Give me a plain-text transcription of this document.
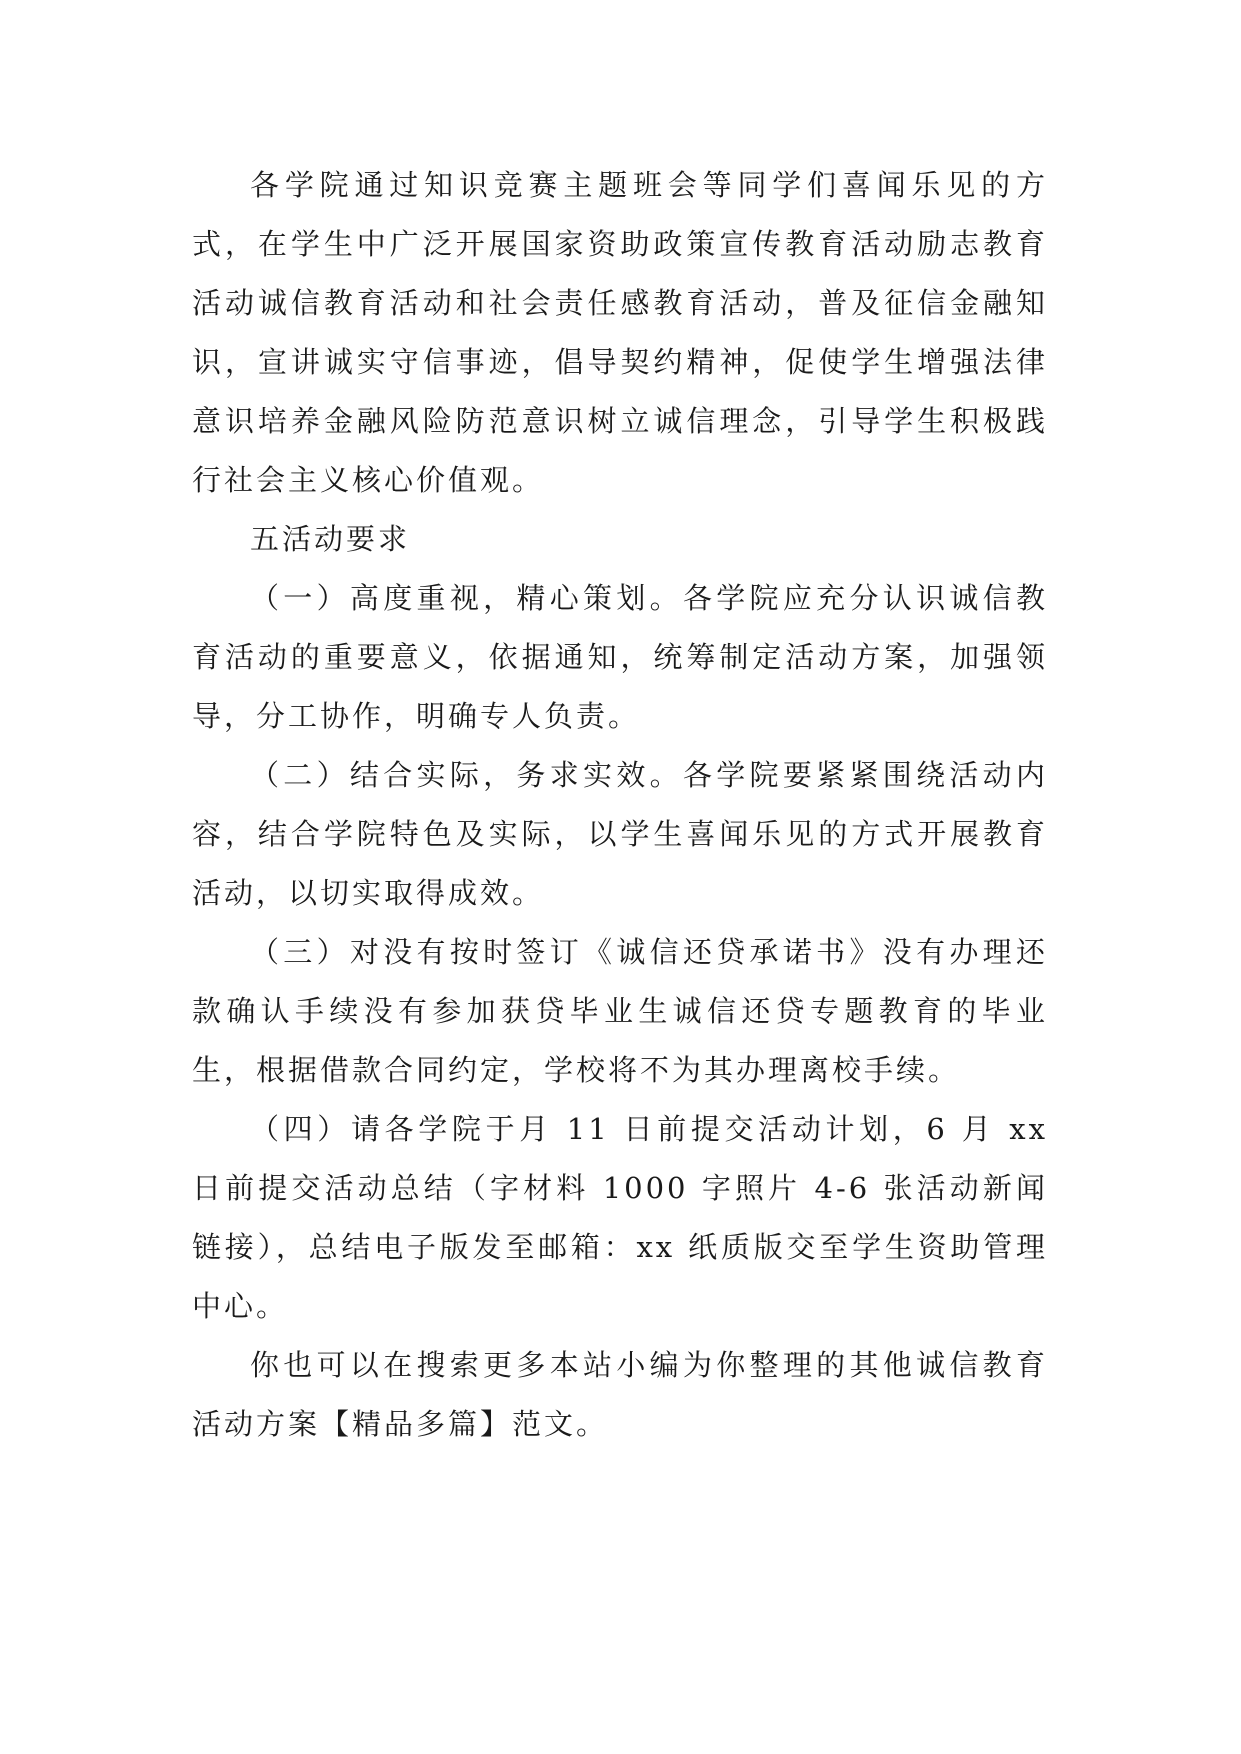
各学院通过知识竞赛主题班会等同学们喜闻乐见的方式，在学生中广泛开展国家资助政策宣传教育活动励志教育活动诚信教育活动和社会责任感教育活动，普及征信金融知识，宣讲诚实守信事迹，倡导契约精神，促使学生增强法律意识培养金融风险防范意识树立诚信理念，引导学生积极践行社会主义核心价值观。

五活动要求

（一）高度重视，精心策划。各学院应充分认识诚信教育活动的重要意义，依据通知，统筹制定活动方案，加强领导，分工协作，明确专人负责。

（二）结合实际，务求实效。各学院要紧紧围绕活动内容，结合学院特色及实际，以学生喜闻乐见的方式开展教育活动，以切实取得成效。

（三）对没有按时签订《诚信还贷承诺书》没有办理还款确认手续没有参加获贷毕业生诚信还贷专题教育的毕业生，根据借款合同约定，学校将不为其办理离校手续。

（四）请各学院于月 11 日前提交活动计划，6 月 xx 日前提交活动总结（字材料 1000 字照片 4-6 张活动新闻链接），总结电子版发至邮箱：xx 纸质版交至学生资助管理中心。

你也可以在搜索更多本站小编为你整理的其他诚信教育活动方案【精品多篇】范文。
